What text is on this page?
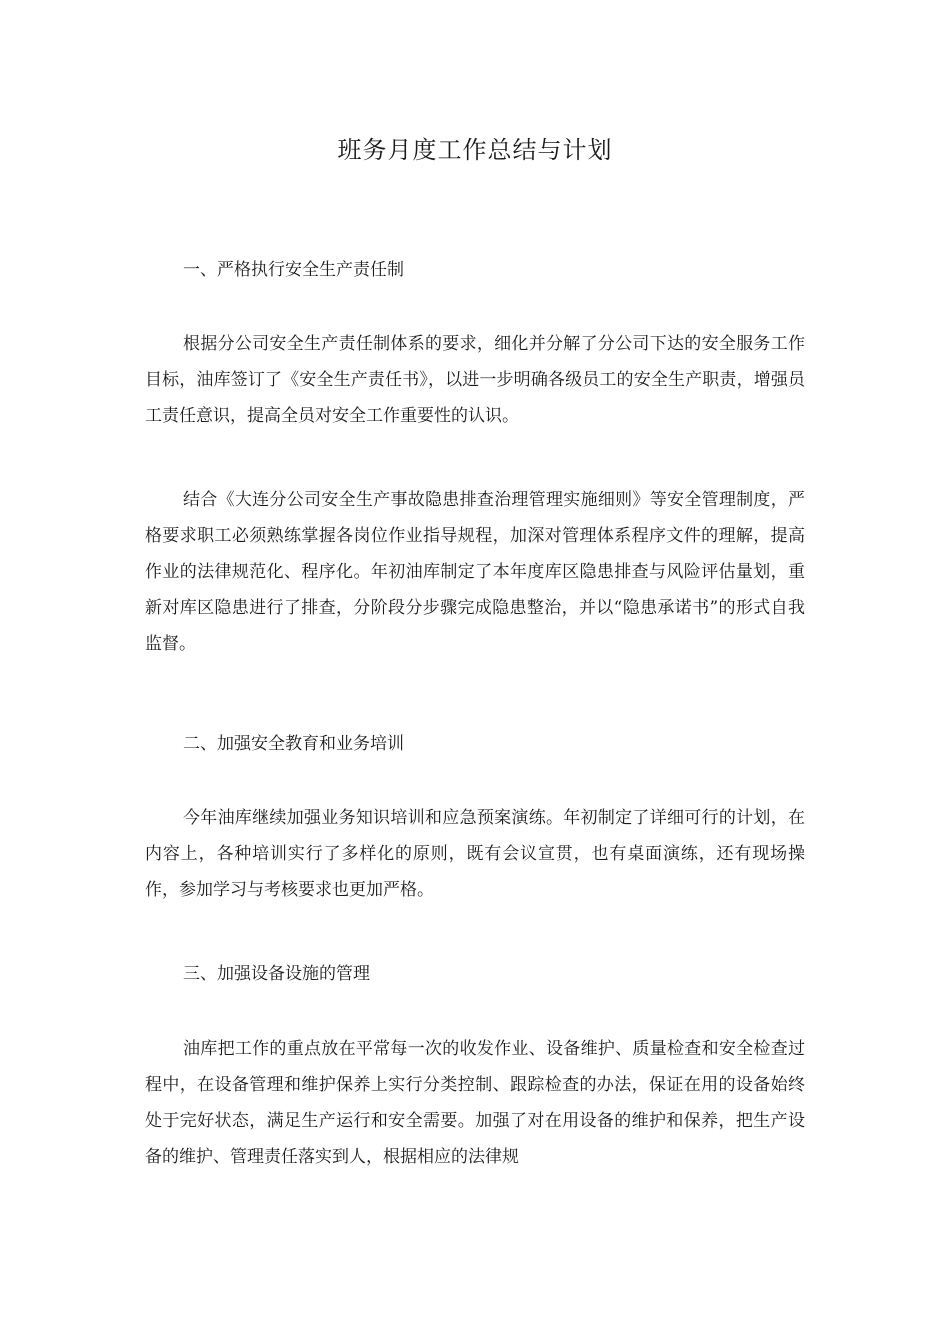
班务月度工作总结与计划
一、严格执行安全生产责任制
根据分公司安全生产责任制体系的要求，细化并分解了分公司下达的安全服务工作目标，油库签订了《安全生产责任书》，以进一步明确各级员工的安全生产职责，增强员工责任意识，提高全员对安全工作重要性的认识。
结合《大连分公司安全生产事故隐患排查治理管理实施细则》等安全管理制度，严格要求职工必须熟练掌握各岗位作业指导规程，加深对管理体系程序文件的理解，提高作业的法律规范化、程序化。年初油库制定了本年度库区隐患排查与风险评估量划，重新对库区隐患进行了排查，分阶段分步骤完成隐患整治，并以“隐患承诺书”的形式自我监督。
二、加强安全教育和业务培训
今年油库继续加强业务知识培训和应急预案演练。年初制定了详细可行的计划，在内容上，各种培训实行了多样化的原则，既有会议宣贯，也有桌面演练，还有现场操作，参加学习与考核要求也更加严格。
三、加强设备设施的管理
油库把工作的重点放在平常每一次的收发作业、设备维护、质量检查和安全检查过程中，在设备管理和维护保养上实行分类控制、跟踪检查的办法，保证在用的设备始终处于完好状态，满足生产运行和安全需要。加强了对在用设备的维护和保养，把生产设备的维护、管理责任落实到人，根据相应的法律规
